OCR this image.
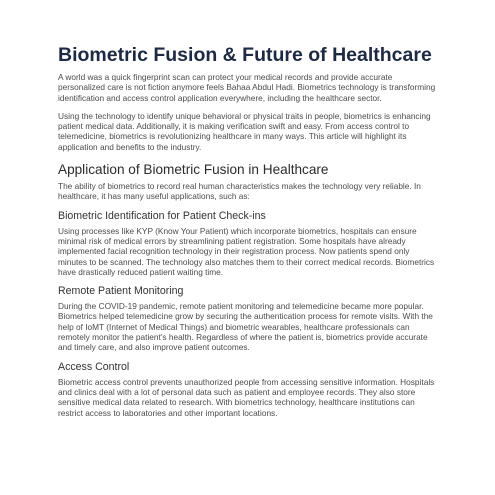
Biometric Fusion & Future of Healthcare

A world was a quick fingerprint scan can protect your medical records and provide accurate personalized care is not fiction anymore feels Bahaa Abdul Hadi. Biometrics technology is transforming identification and access control application everywhere, including the healthcare sector.

Using the technology to identify unique behavioral or physical traits in people, biometrics is enhancing patient medical data. Additionally, it is making verification swift and easy. From access control to telemedicine, biometrics is revolutionizing healthcare in many ways. This article will highlight its application and benefits to the industry.

Application of Biometric Fusion in Healthcare

The ability of biometrics to record real human characteristics makes the technology very reliable. In healthcare, it has many useful applications, such as:

Biometric Identification for Patient Check-ins

Using processes like KYP (Know Your Patient) which incorporate biometrics, hospitals can ensure minimal risk of medical errors by streamlining patient registration. Some hospitals have already implemented facial recognition technology in their registration process. Now patients spend only minutes to be scanned. The technology also matches them to their correct medical records. Biometrics have drastically reduced patient waiting time.

Remote Patient Monitoring

During the COVID-19 pandemic, remote patient monitoring and telemedicine became more popular. Biometrics helped telemedicine grow by securing the authentication process for remote visits. With the help of IoMT (Internet of Medical Things) and biometric wearables, healthcare professionals can remotely monitor the patient's health. Regardless of where the patient is, biometrics provide accurate and timely care, and also improve patient outcomes.

Access Control

Biometric access control prevents unauthorized people from accessing sensitive information. Hospitals and clinics deal with a lot of personal data such as patient and employee records. They also store sensitive medical data related to research. With biometrics technology, healthcare institutions can restrict access to laboratories and other important locations.
